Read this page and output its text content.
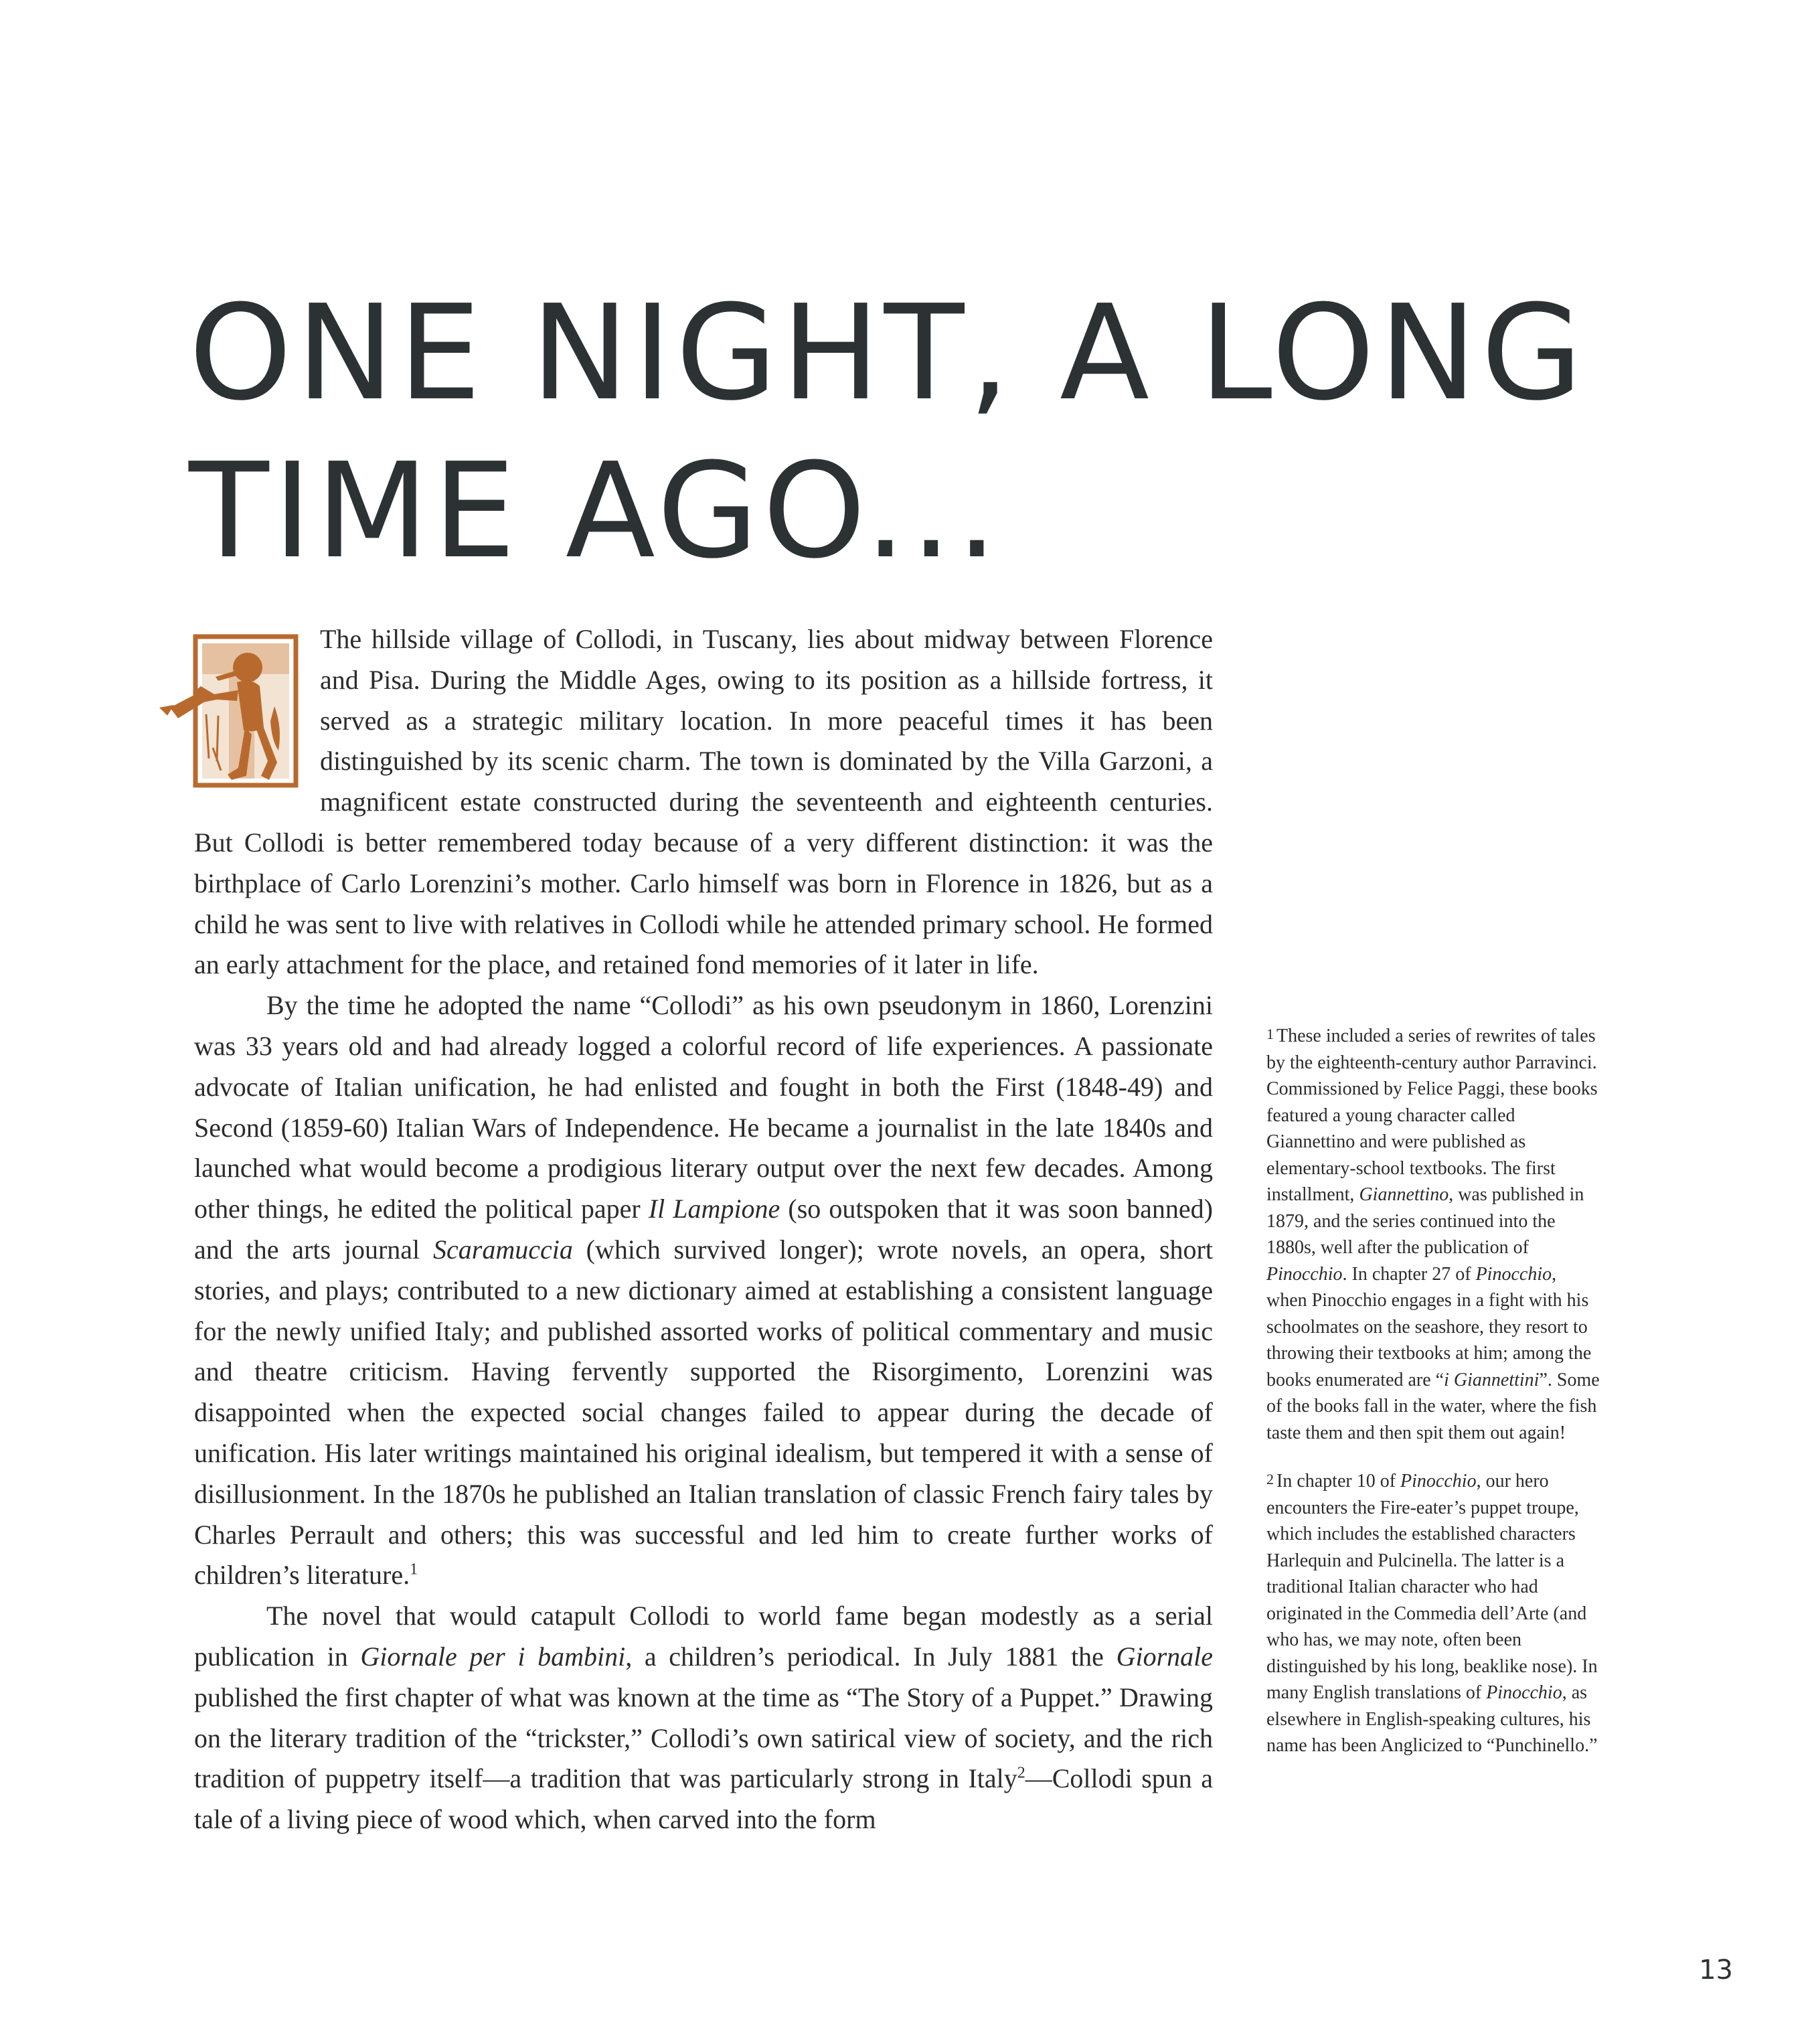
ONE NIGHT, A LONG
TIME AGO...

The hillside village of Collodi, in Tuscany, lies about midway between Florence and Pisa. During the Middle Ages, owing to its position as a hillside fortress, it served as a strategic military location. In more peaceful times it has been distinguished by its scenic charm. The town is dominated by the Villa Garzoni, a magnificent estate constructed during the seventeenth and eighteenth centuries. But Collodi is better remembered today because of a very different distinction: it was the birthplace of Carlo Lorenzini’s mother. Carlo himself was born in Florence in 1826, but as a child he was sent to live with relatives in Collodi while he attended primary school. He formed an early attachment for the place, and retained fond memories of it later in life.

By the time he adopted the name “Collodi” as his own pseudonym in 1860, Lorenzini was 33 years old and had already logged a colorful record of life experiences. A passionate advocate of Italian unification, he had enlisted and fought in both the First (1848-49) and Second (1859-60) Italian Wars of Independence. He became a journalist in the late 1840s and launched what would become a prodigious literary output over the next few decades. Among other things, he edited the political paper Il Lampione (so outspoken that it was soon banned) and the arts journal Scaramuccia (which survived longer); wrote novels, an opera, short stories, and plays; contributed to a new dictionary aimed at establishing a consistent language for the newly unified Italy; and published assorted works of political commentary and music and theatre criticism. Having fervently supported the Risorgimento, Lorenzini was disappointed when the expected social changes failed to appear during the decade of unification. His later writings maintained his original idealism, but tempered it with a sense of disillusionment. In the 1870s he published an Italian translation of classic French fairy tales by Charles Perrault and others; this was successful and led him to create further works of children’s literature.$^1$

The novel that would catapult Collodi to world fame began modestly as a serial publication in Giornale per i bambini, a children’s periodical. In July 1881 the Giornale published the first chapter of what was known at the time as “The Story of a Puppet.” Drawing on the literary tradition of the “trickster,” Collodi’s own satirical view of society, and the rich tradition of puppetry itself—a tradition that was particularly strong in Italy$^2$—Collodi spun a tale of a living piece of wood which, when carved into the form

1 These included a series of rewrites of tales by the eighteenth-century author Parravinci. Commissioned by Felice Paggi, these books featured a young character called Giannettino and were published as elementary-school textbooks. The first installment, Giannettino, was published in 1879, and the series continued into the 1880s, well after the publication of Pinocchio. In chapter 27 of Pinocchio, when Pinocchio engages in a fight with his schoolmates on the seashore, they resort to throwing their textbooks at him; among the books enumerated are “i Giannettini”. Some of the books fall in the water, where the fish taste them and then spit them out again!

2 In chapter 10 of Pinocchio, our hero encounters the Fire-eater’s puppet troupe, which includes the established characters Harlequin and Pulcinella. The latter is a traditional Italian character who had originated in the Commedia dell’Arte (and who has, we may note, often been distinguished by his long, beaklike nose). In many English translations of Pinocchio, as elsewhere in English-speaking cultures, his name has been Anglicized to “Punchinello.”

13
